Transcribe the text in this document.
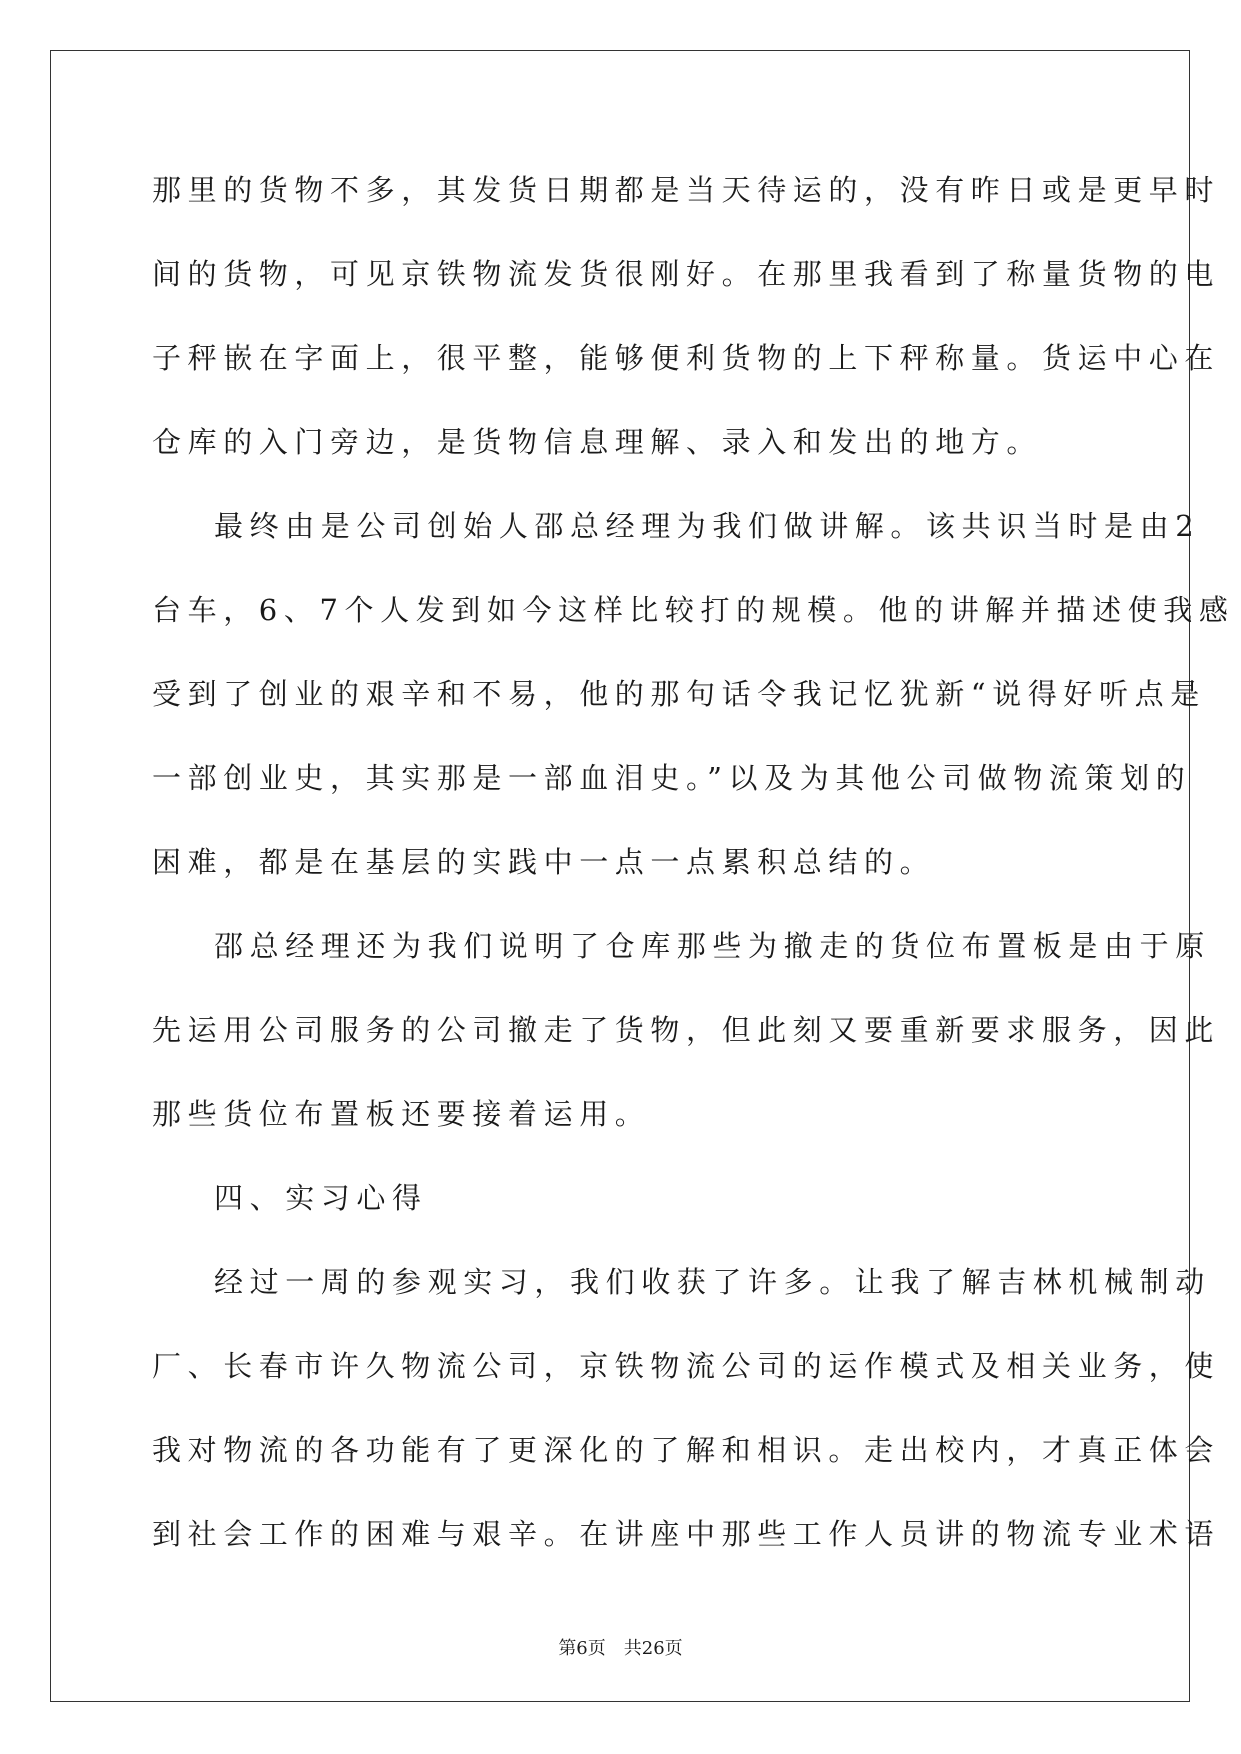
那里的货物不多，其发货日期都是当天待运的，没有昨日或是更早时
间的货物，可见京铁物流发货很刚好。在那里我看到了称量货物的电
子秤嵌在字面上，很平整，能够便利货物的上下秤称量。货运中心在
仓库的入门旁边，是货物信息理解、录入和发出的地方。
最终由是公司创始人邵总经理为我们做讲解。该共识当时是由2
台车，6、7个人发到如今这样比较打的规模。他的讲解并描述使我感
受到了创业的艰辛和不易，他的那句话令我记忆犹新“说得好听点是
一部创业史，其实那是一部血泪史。”以及为其他公司做物流策划的
困难，都是在基层的实践中一点一点累积总结的。
邵总经理还为我们说明了仓库那些为撤走的货位布置板是由于原
先运用公司服务的公司撤走了货物，但此刻又要重新要求服务，因此
那些货位布置板还要接着运用。
四、实习心得
经过一周的参观实习，我们收获了许多。让我了解吉林机械制动
厂、长春市许久物流公司，京铁物流公司的运作模式及相关业务，使
我对物流的各功能有了更深化的了解和相识。走出校内，才真正体会
到社会工作的困难与艰辛。在讲座中那些工作人员讲的物流专业术语
第6页　共26页
